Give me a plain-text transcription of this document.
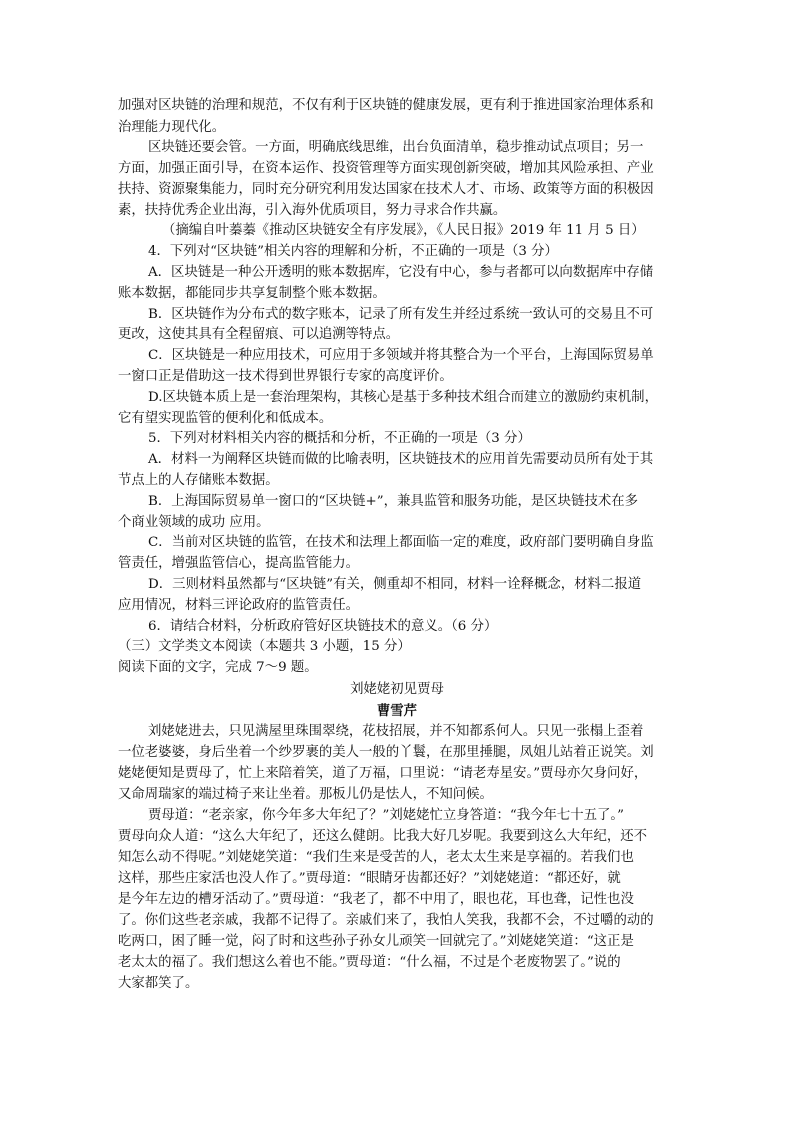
加强对区块链的治理和规范，不仅有利于区块链的健康发展，更有利于推进国家治理体系和
治理能力现代化。
区块链还要会管。一方面，明确底线思维，出台负面清单，稳步推动试点项目；另一
方面，加强正面引导，在资本运作、投资管理等方面实现创新突破，增加其风险承担、产业
扶持、资源聚集能力，同时充分研究利用发达国家在技术人才、市场、政策等方面的积极因
素，扶持优秀企业出海，引入海外优质项目，努力寻求合作共赢。
（摘编自叶蓁蓁《推动区块链安全有序发展》，《人民日报》2019 年 11 月 5 日）
4．下列对“区块链”相关内容的理解和分析，不正确的一项是（3 分）
A．区块链是一种公开透明的账本数据库，它没有中心，参与者都可以向数据库中存储
账本数据，都能同步共享复制整个账本数据。
B．区块链作为分布式的数字账本，记录了所有发生并经过系统一致认可的交易且不可
更改，这使其具有全程留痕、可以追溯等特点。
C．区块链是一种应用技术，可应用于多领域并将其整合为一个平台，上海国际贸易单
一窗口正是借助这一技术得到世界银行专家的高度评价。
D.区块链本质上是一套治理架构，其核心是基于多种技术组合而建立的激励约束机制，
它有望实现监管的便利化和低成本。
5．下列对材料相关内容的概括和分析，不正确的一项是（3 分）
A．材料一为阐释区块链而做的比喻表明，区块链技术的应用首先需要动员所有处于其
节点上的人存储账本数据。
B．上海国际贸易单一窗口的“区块链+”，兼具监管和服务功能，是区块链技术在多
个商业领域的成功 应用。
C．当前对区块链的监管，在技术和法理上都面临一定的难度，政府部门要明确自身监
管责任，增强监管信心，提高监管能力。
D．三则材料虽然都与“区块链”有关，侧重却不相同，材料一诠释概念，材料二报道
应用情况，材料三评论政府的监管责任。
6．请结合材料，分析政府管好区块链技术的意义。（6 分）
（三）文学类文本阅读（本题共 3 小题，15 分）
阅读下面的文字，完成 7～9 题。
刘姥姥初见贾母
曹雪芹
刘姥姥进去，只见满屋里珠围翠绕，花枝招展，并不知都系何人。只见一张榻上歪着
一位老婆婆，身后坐着一个纱罗裹的美人一般的丫鬟，在那里捶腿，凤姐儿站着正说笑。刘
姥姥便知是贾母了，忙上来陪着笑，道了万福，口里说：“请老寿星安。”贾母亦欠身问好，
又命周瑞家的端过椅子来让坐着。那板儿仍是怯人，不知问候。
贾母道：“老亲家，你今年多大年纪了？”刘姥姥忙立身答道：“我今年七十五了。”
贾母向众人道：“这么大年纪了，还这么健朗。比我大好几岁呢。我要到这么大年纪，还不
知怎么动不得呢。”刘姥姥笑道：“我们生来是受苦的人，老太太生来是享福的。若我们也
这样，那些庄家活也没人作了。”贾母道：“眼睛牙齿都还好？”刘姥姥道：“都还好，就
是今年左边的槽牙活动了。”贾母道：“我老了，都不中用了，眼也花，耳也聋，记性也没
了。你们这些老亲戚，我都不记得了。亲戚们来了，我怕人笑我，我都不会，不过嚼的动的
吃两口，困了睡一觉，闷了时和这些孙子孙女儿顽笑一回就完了。”刘姥姥笑道：“这正是
老太太的福了。我们想这么着也不能。”贾母道：“什么福，不过是个老废物罢了。”说的
大家都笑了。
